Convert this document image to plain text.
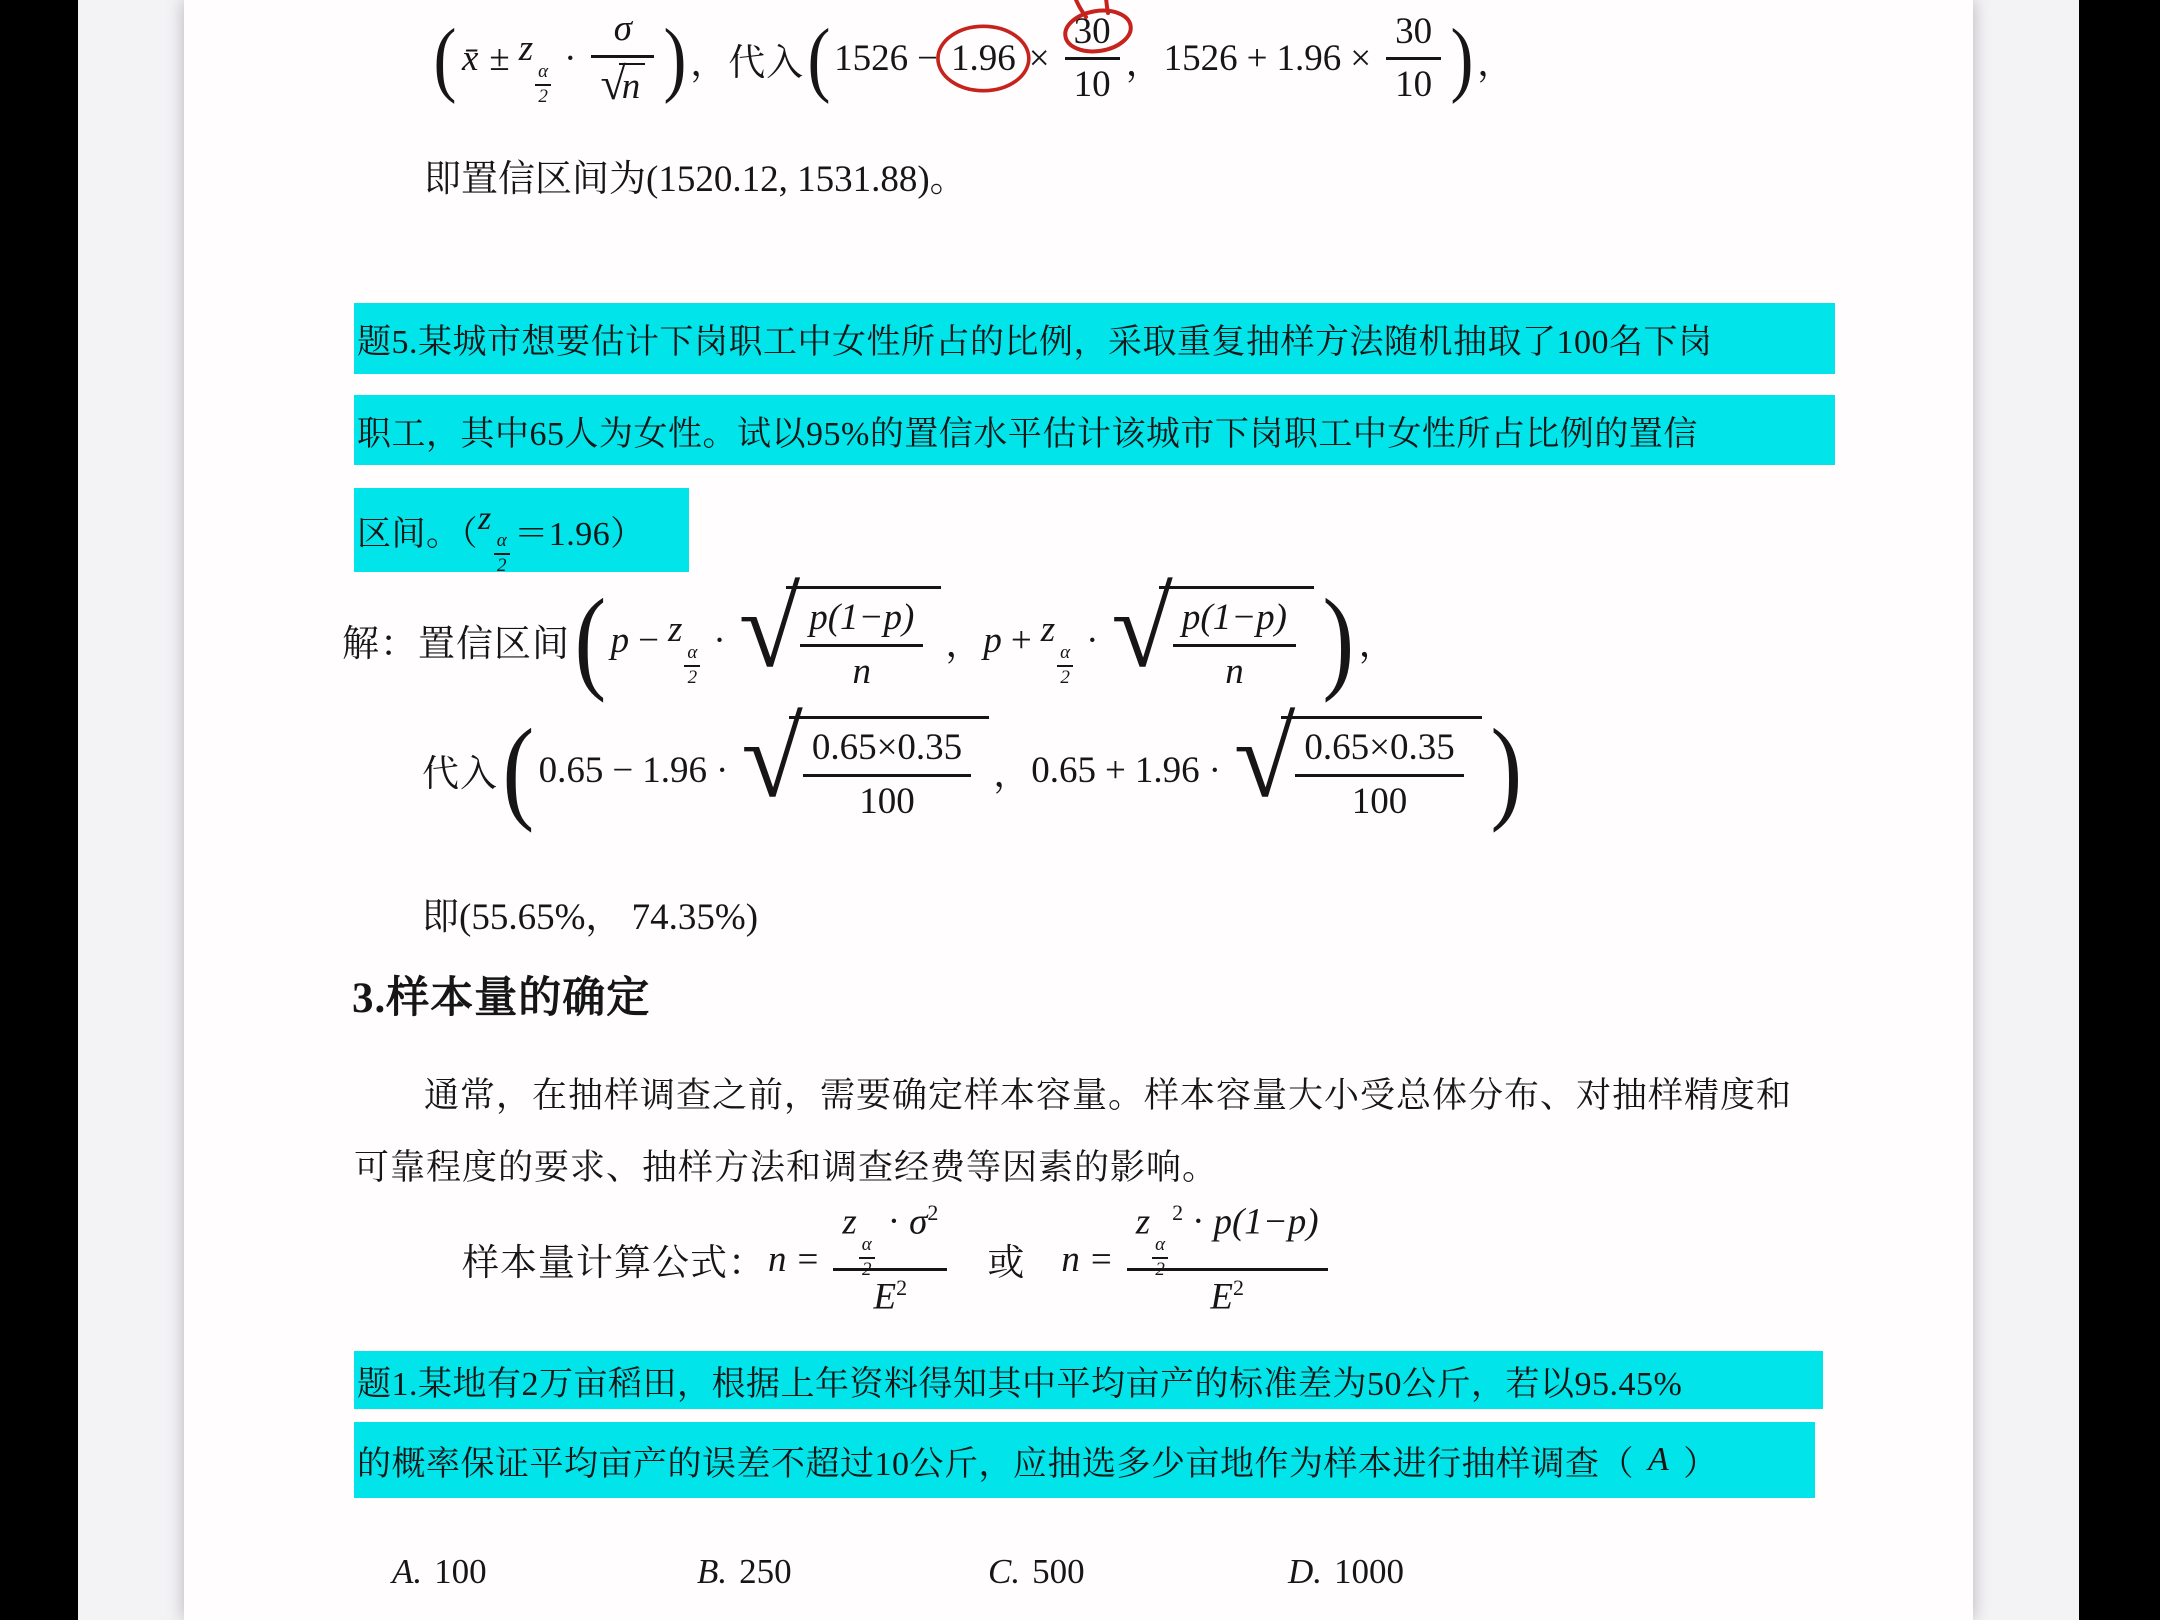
( x̄ ± z
$\frac{\alpha}{2}$
· σ
√
n ) ， 代入 ( $1526 - 1.96 \times \frac{30}{10}$ ， $1526 + 1.96 \times \frac{30}{10}$ ) ，
即置信区间为(1520.12, 1531.88)。
题5.某城市想要估计下岗职工中女性所占的比例，采取重复抽样方法随机抽取了100名下岗
职工，其中65人为女性。试以95%的置信水平估计该城市下岗职工中女性所占比例的置信
区间。（ z
$\frac{\alpha}{2} =1.96$）
解： 置信区间 ( p − z
$\frac{\alpha}{2}$
· √ $\frac{p(1-p)}{n}$ ， p + z
$\frac{\alpha}{2}$
· √ $\frac{p(1-p)}{n}$ ) ，
代入 ( 0.65 − 1.96 · √ $\frac{0.65\times 0.35}{100}$ ， 0.65 + 1.96 · √ $\frac{0.65\times 0.35}{100}$ )
即(55.65%， 74.35%)
3.样本量的确定
通常，在抽样调查之前，需要确定样本容量。样本容量大小受总体分布、对抽样精度和
可靠程度的要求、抽样方法和调查经费等因素的影响。
样本量计算公式： n = z
$\frac{\alpha}{2}$
· $\sigma^2$
$E^2$ 或 n = z
$\frac{\alpha}{2}$
$^2$ · p(1−p)
$E^2$
题1.某地有2万亩稻田，根据上年资料得知其中平均亩产的标准差为50公斤，若以95.45%
的概率保证平均亩产的误差不超过10公斤，应抽选多少亩地作为样本进行抽样调查（ A ）
A. 100	B. 250	C. 500	D. 1000
